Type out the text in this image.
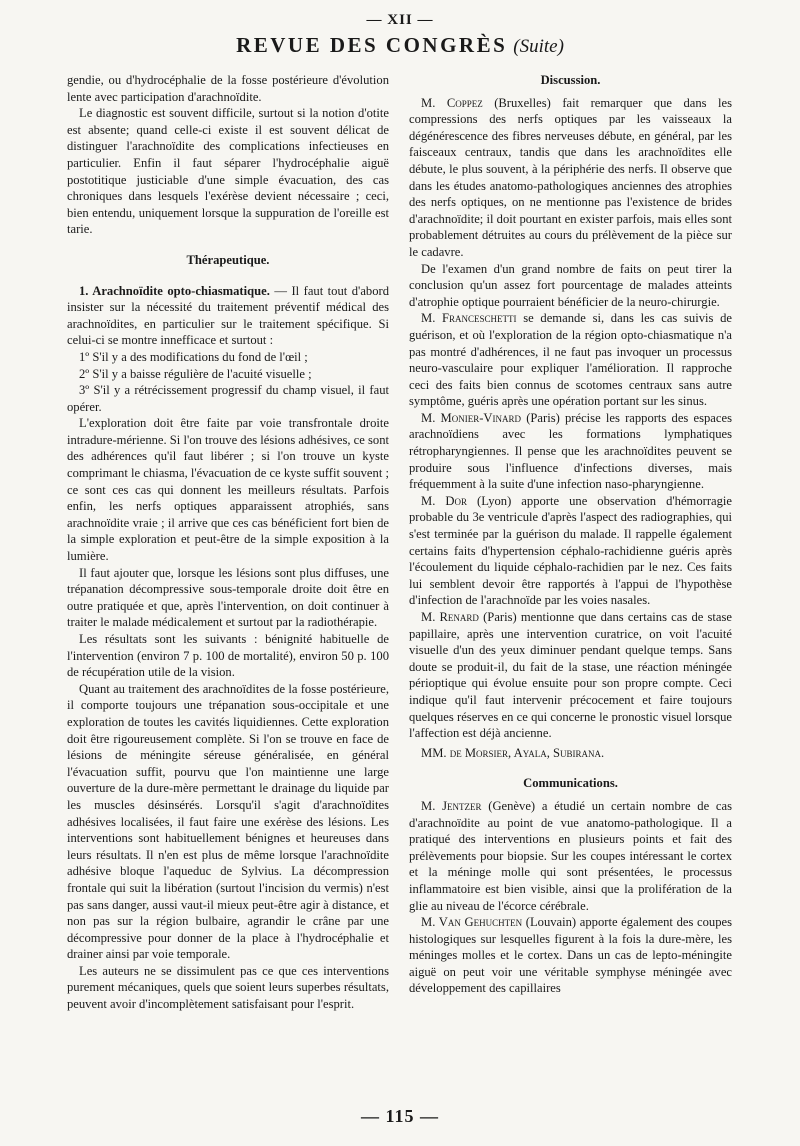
— XII —
REVUE DES CONGRÈS (Suite)

gendie, ou d'hydrocéphalie de la fosse postérieure d'évolution lente avec participation d'arachnoïdite.

Le diagnostic est souvent difficile, surtout si la notion d'otite est absente; quand celle-ci existe il est souvent délicat de distinguer l'arachnoïdite des complications infectieuses en particulier. Enfin il faut séparer l'hydrocéphalie aiguë postotitique justiciable d'une simple évacuation, des cas chroniques dans lesquels l'exérèse devient nécessaire ; ceci, bien entendu, uniquement lorsque la suppuration de l'oreille est tarie.

Thérapeutique.

1. Arachnoïdite opto-chiasmatique. — Il faut tout d'abord insister sur la nécessité du traitement préventif médical des arachnoïdites, en particulier sur le traitement spécifique. Si celui-ci se montre innefficace et surtout :

1º S'il y a des modifications du fond de l'œil ;

2º S'il y a baisse régulière de l'acuité visuelle ;

3º S'il y a rétrécissement progressif du champ visuel, il faut opérer.

L'exploration doit être faite par voie transfrontale droite intradure-mérienne. Si l'on trouve des lésions adhésives, ce sont des adhérences qu'il faut libérer ; si l'on trouve un kyste comprimant le chiasma, l'évacuation de ce kyste suffit souvent ; ce sont ces cas qui donnent les meilleurs résultats. Parfois enfin, les nerfs optiques apparaissent atrophiés, sans arachnoïdite vraie ; il arrive que ces cas bénéficient fort bien de la simple exploration et peut-être de la simple exposition à la lumière.

Il faut ajouter que, lorsque les lésions sont plus diffuses, une trépanation décompressive sous-temporale droite doit être en outre pratiquée et que, après l'intervention, on doit continuer à traiter le malade médicalement et surtout par la radiothérapie.

Les résultats sont les suivants : bénignité habituelle de l'intervention (environ 7 p. 100 de mortalité), environ 50 p. 100 de récupération utile de la vision.

Quant au traitement des arachnoïdites de la fosse postérieure, il comporte toujours une trépanation sous-occipitale et une exploration de toutes les cavités liquidiennes. Cette exploration doit être rigoureusement complète. Si l'on se trouve en face de lésions de méningite séreuse généralisée, en général l'évacuation suffit, pourvu que l'on maintienne une large ouverture de la dure-mère permettant le drainage du liquide par les muscles désinsérés. Lorsqu'il s'agit d'arachnoïdites adhésives localisées, il faut faire une exérèse des lésions. Les interventions sont habituellement bénignes et heureuses dans leurs résultats. Il n'en est plus de même lorsque l'arachnoïdite adhésive bloque l'aqueduc de Sylvius. La décompression frontale qui suit la libération (surtout l'incision du vermis) n'est pas sans danger, aussi vaut-il mieux peut-être agir à distance, et non pas sur la région bulbaire, agrandir le crâne par une décompressive pour donner de la place à l'hydrocéphalie et drainer ainsi par voie temporale.

Les auteurs ne se dissimulent pas ce que ces interventions purement mécaniques, quels que soient leurs superbes résultats, peuvent avoir d'incomplètement satisfaisant pour l'esprit.

Discussion.

M. Coppez (Bruxelles) fait remarquer que dans les compressions des nerfs optiques par les vaisseaux la dégénérescence des fibres nerveuses débute, en général, par les faisceaux centraux, tandis que dans les arachnoïdites elle débute, le plus souvent, à la périphérie des nerfs. Il observe que dans les études anatomo-pathologiques anciennes des atrophies des nerfs optiques, on ne mentionne pas l'existence de brides d'arachnoïdite; il doit pourtant en exister parfois, mais elles sont probablement détruites au cours du prélèvement de la pièce sur le cadavre.

De l'examen d'un grand nombre de faits on peut tirer la conclusion qu'un assez fort pourcentage de malades atteints d'atrophie optique pourraient bénéficier de la neuro-chirurgie.

M. Franceschetti se demande si, dans les cas suivis de guérison, et où l'exploration de la région opto-chiasmatique n'a pas montré d'adhérences, il ne faut pas invoquer un processus neuro-vasculaire pour expliquer l'amélioration. Il rapproche ceci des faits bien connus de scotomes centraux sans autre symptôme, guéris après une opération portant sur les sinus.

M. Monier-Vinard (Paris) précise les rapports des espaces arachnoïdiens avec les formations lymphatiques rétropharyngiennes. Il pense que les arachnoïdites peuvent se produire sous l'influence d'infections diverses, mais fréquemment à la suite d'une infection naso-pharyngienne.

M. Dor (Lyon) apporte une observation d'hémorragie probable du 3e ventricule d'après l'aspect des radiographies, qui s'est terminée par la guérison du malade. Il rappelle également certains faits d'hypertension céphalo-rachidienne guéris après l'écoulement du liquide céphalo-rachidien par le nez. Ces faits lui semblent devoir être rapportés à l'appui de l'hypothèse d'infection de l'arachnoïde par les voies nasales.

M. Renard (Paris) mentionne que dans certains cas de stase papillaire, après une intervention curatrice, on voit l'acuité visuelle d'un des yeux diminuer pendant quelque temps. Sans doute se produit-il, du fait de la stase, une réaction méningée périoptique qui évolue ensuite pour son propre compte. Ceci indique qu'il faut intervenir précocement et faire toujours quelques réserves en ce qui concerne le pronostic visuel lorsque l'affection est déjà ancienne.

MM. de Morsier, Ayala, Subirana.

Communications.

M. Jentzer (Genève) a étudié un certain nombre de cas d'arachnoïdite au point de vue anatomo-pathologique. Il a pratiqué des interventions en plusieurs points et fait des prélèvements pour biopsie. Sur les coupes intéressant le cortex et la méninge molle qui sont présentées, le processus inflammatoire est bien visible, ainsi que la prolifération de la glie au niveau de l'écorce cérébrale.

M. Van Gehuchten (Louvain) apporte également des coupes histologiques sur lesquelles figurent à la fois la dure-mère, les méninges molles et le cortex. Dans un cas de lepto-méningite aiguë on peut voir une véritable symphyse méningée avec développement des capillaires

— 115 —
